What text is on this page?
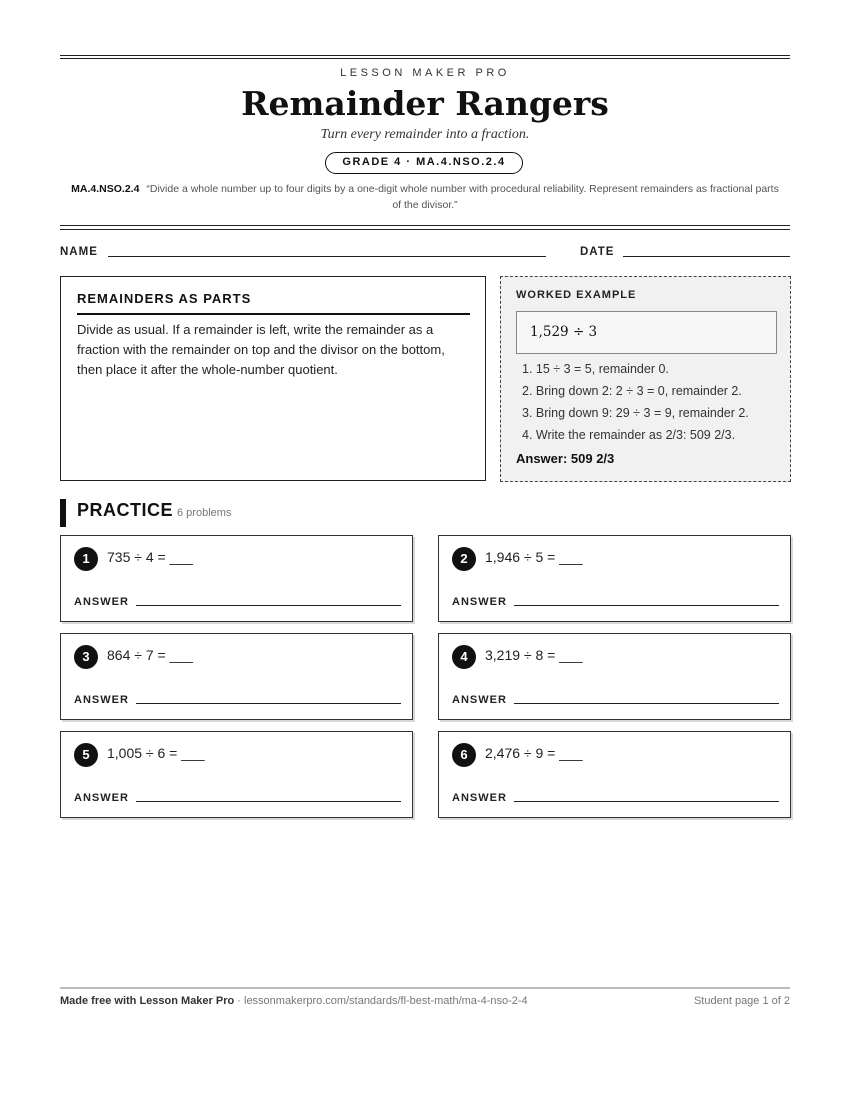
LESSON MAKER PRO
Remainder Rangers
Turn every remainder into a fraction.
GRADE 4 · MA.4.NSO.2.4
MA.4.NSO.2.4 “Divide a whole number up to four digits by a one-digit whole number with procedural reliability. Represent remainders as fractional parts of the divisor.”
NAME	DATE
REMAINDERS AS PARTS
Divide as usual. If a remainder is left, write the remainder as a fraction with the remainder on top and the divisor on the bottom, then place it after the whole-number quotient.
WORKED EXAMPLE
1,529 ÷ 3
1. 15 ÷ 3 = 5, remainder 0.
2. Bring down 2: 2 ÷ 3 = 0, remainder 2.
3. Bring down 9: 29 ÷ 3 = 9, remainder 2.
4. Write the remainder as 2/3: 509 2/3.
Answer: 509 2/3
PRACTICE 6 problems
1	735 ÷ 4 = ___
ANSWER
2	1,946 ÷ 5 = ___
ANSWER
3	864 ÷ 7 = ___
ANSWER
4	3,219 ÷ 8 = ___
ANSWER
5	1,005 ÷ 6 = ___
ANSWER
6	2,476 ÷ 9 = ___
ANSWER
Made free with Lesson Maker Pro · lessonmakerpro.com/standards/fl-best-math/ma-4-nso-2-4	Student page 1 of 2
